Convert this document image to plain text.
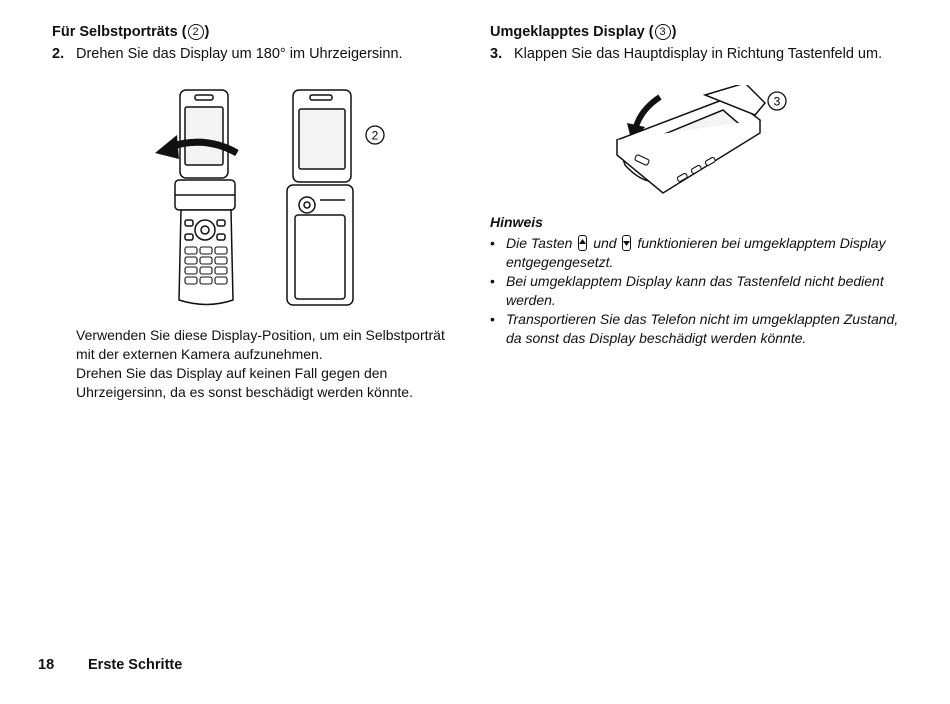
Für Selbstporträts ( 2 )
2. Drehen Sie das Display um 180° im Uhrzeigersinn.
2

Verwenden Sie diese Display-Position, um ein Selbstporträt mit der externen Kamera aufzunehmen.

Drehen Sie das Display auf keinen Fall gegen den Uhrzeigersinn, da es sonst beschädigt werden könnte.

Umgeklapptes Display ( 3 )
3. Klappen Sie das Hauptdisplay in Richtung Tastenfeld um.
3
Hinweis
• Die Tasten und funktionieren bei umgeklapptem Display entgegengesetzt.
• Bei umgeklapptem Display kann das Tastenfeld nicht bedient werden.
• Transportieren Sie das Telefon nicht im umgeklappten Zustand, da sonst das Display beschädigt werden könnte.
18	Erste Schritte
